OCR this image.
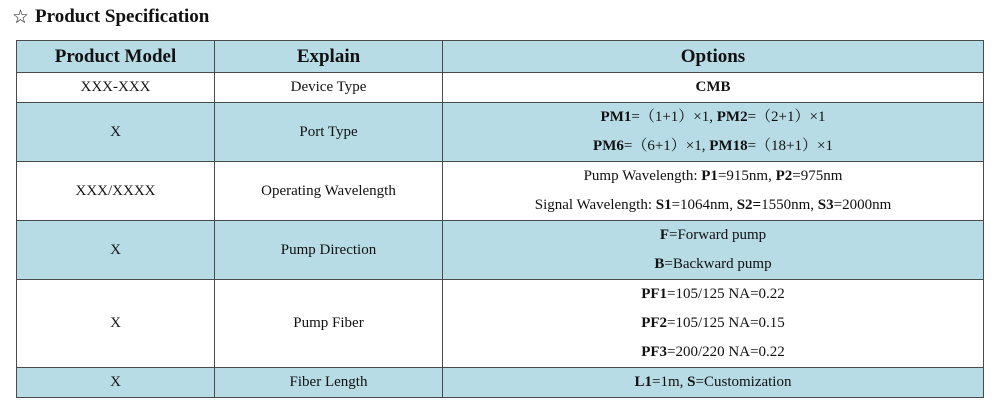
☆ Product Specification
Product Model	Explain	Options
XXX-XXX	Device Type	CMB

X	Port Type	PM1=（1+1）×1, PM2=（2+1）×1
PM6=（6+1）×1, PM18=（18+1）×1

XXX/XXXX	Operating Wavelength	Pump Wavelength: P1=915nm, P2=975nm
Signal Wavelength: S1=1064nm, S2=1550nm, S3=2000nm

X	Pump Direction	F=Forward pump
B=Backward pump

X	Pump Fiber	PF1=105/125 NA=0.22
PF2=105/125 NA=0.15
PF3=200/220 NA=0.22

X	Fiber Length	L1=1m, S=Customization
